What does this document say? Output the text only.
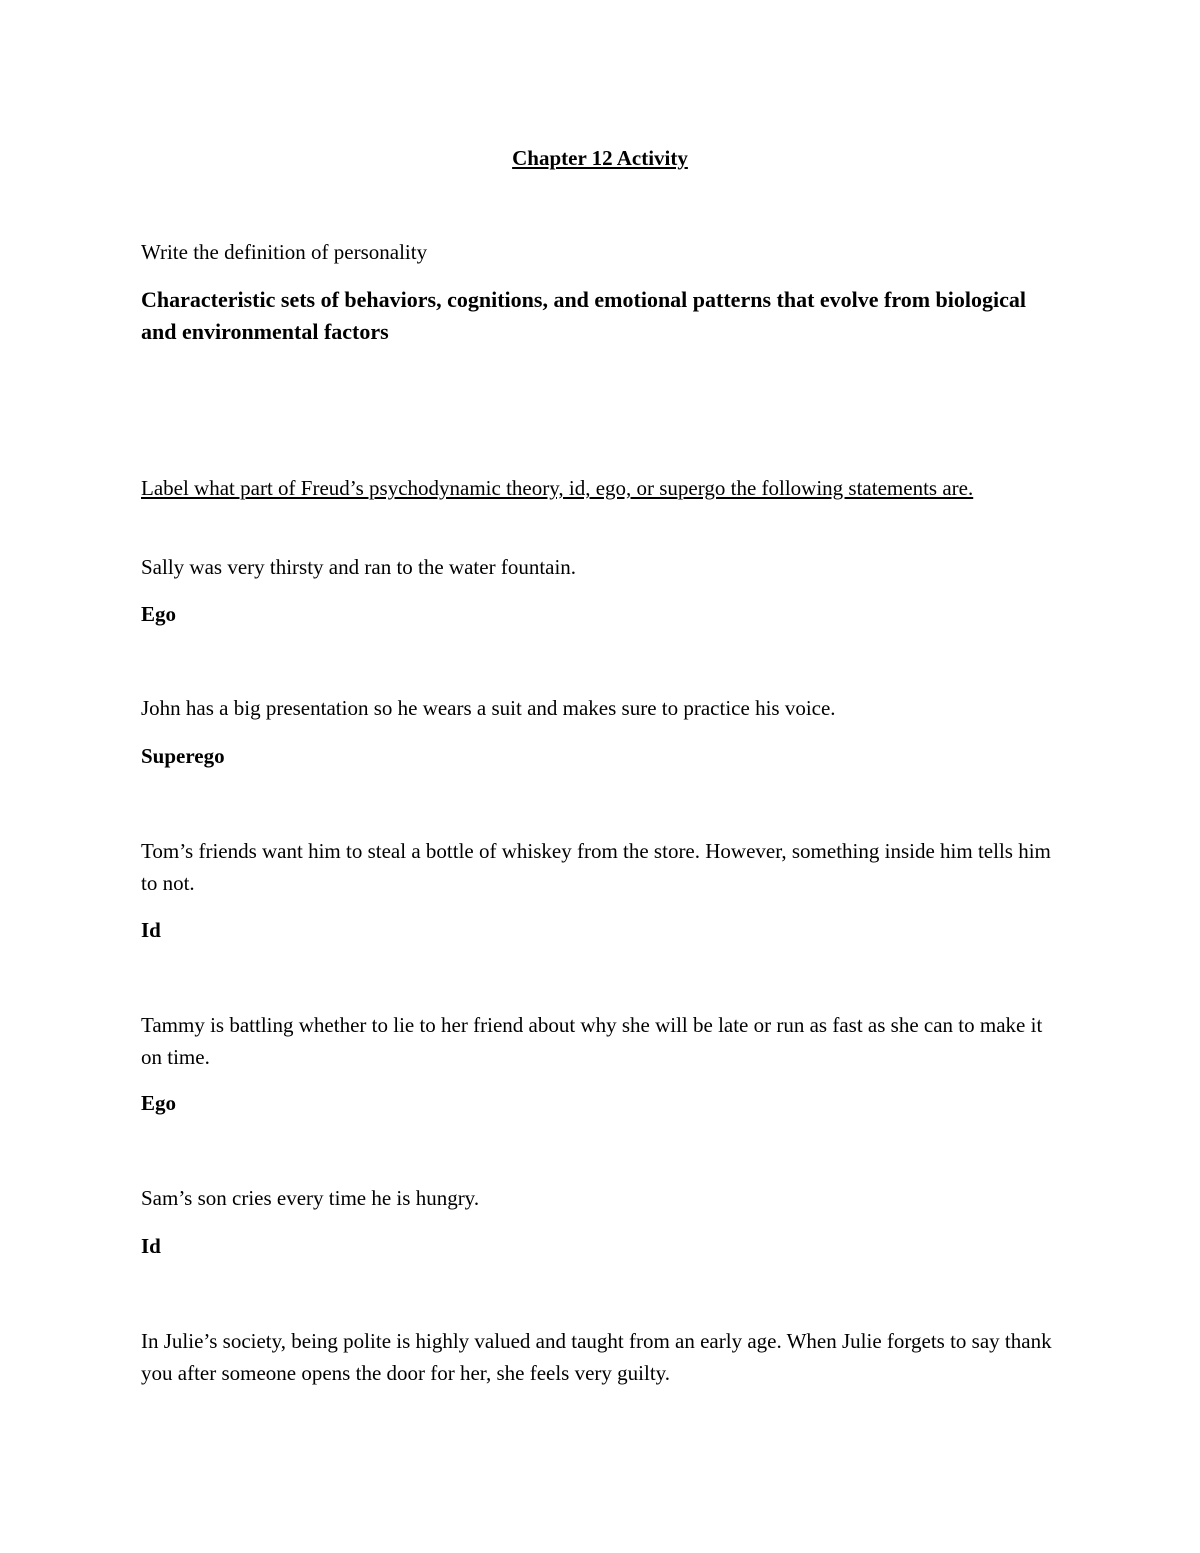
Chapter 12 Activity

Write the definition of personality

Characteristic sets of behaviors, cognitions, and emotional patterns that evolve from biological and environmental factors

Label what part of Freud’s psychodynamic theory, id, ego, or supergo the following statements are.

Sally was very thirsty and ran to the water fountain.

Ego

John has a big presentation so he wears a suit and makes sure to practice his voice.

Superego

Tom’s friends want him to steal a bottle of whiskey from the store. However, something inside him tells him to not.

Id

Tammy is battling whether to lie to her friend about why she will be late or run as fast as she can to make it on time.

Ego

Sam’s son cries every time he is hungry.

Id

In Julie’s society, being polite is highly valued and taught from an early age. When Julie forgets to say thank you after someone opens the door for her, she feels very guilty.
